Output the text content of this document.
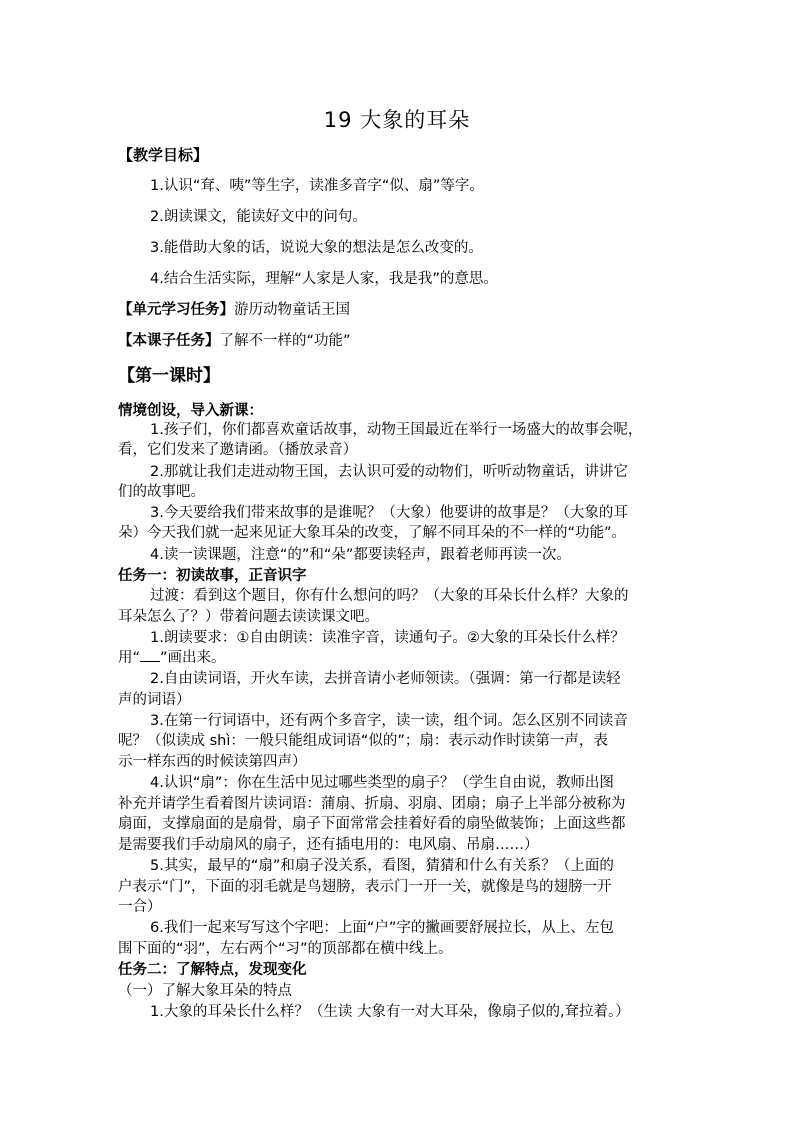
19 大象的耳朵
【教学目标】
1.认识“耷、咦”等生字，读准多音字“似、扇”等字。
2.朗读课文，能读好文中的问句。
3.能借助大象的话，说说大象的想法是怎么改变的。
4.结合生活实际，理解“人家是人家，我是我”的意思。
【单元学习任务】游历动物童话王国
【本课子任务】了解不一样的“功能”
【第一课时】
情境创设，导入新课：
1.孩子们，你们都喜欢童话故事，动物王国最近在举行一场盛大的故事会呢，
看，它们发来了邀请函。（播放录音）
2.那就让我们走进动物王国，去认识可爱的动物们，听听动物童话，讲讲它
们的故事吧。
3.今天要给我们带来故事的是谁呢？（大象）他要讲的故事是？（大象的耳
朵）今天我们就一起来见证大象耳朵的改变，了解不同耳朵的不一样的“功能”。
4.读一读课题，注意“的”和“朵”都要读轻声，跟着老师再读一次。
任务一：初读故事，正音识字
过渡：看到这个题目，你有什么想问的吗？（大象的耳朵长什么样？大象的
耳朵怎么了？）带着问题去读读课文吧。
1.朗读要求：①自由朗读：读准字音，读通句子。②大象的耳朵长什么样？
用“ ”画出来。
2.自由读词语，开火车读，去拼音请小老师领读。（强调：第一行都是读轻
声的词语）
3.在第一行词语中，还有两个多音字，读一读，组个词。怎么区别不同读音
呢？（似读成 shì：一般只能组成词语“似的”；扇：表示动作时读第一声，表
示一样东西的时候读第四声）
4.认识“扇”：你在生活中见过哪些类型的扇子？（学生自由说，教师出图
补充并请学生看着图片读词语：蒲扇、折扇、羽扇、团扇；扇子上半部分被称为
扇面，支撑扇面的是扇骨，扇子下面常常会挂着好看的扇坠做装饰；上面这些都
是需要我们手动扇风的扇子，还有插电用的：电风扇、吊扇……）
5.其实，最早的“扇”和扇子没关系，看图，猜猜和什么有关系？（上面的
户表示“门”，下面的羽毛就是鸟翅膀，表示门一开一关，就像是鸟的翅膀一开
一合）
6.我们一起来写写这个字吧：上面“户”字的撇画要舒展拉长，从上、左包
围下面的“羽”，左右两个“习”的顶部都在横中线上。
任务二：了解特点，发现变化
（一）了解大象耳朵的特点
1.大象的耳朵长什么样？（生读 大象有一对大耳朵，像扇子似的,耷拉着。）
